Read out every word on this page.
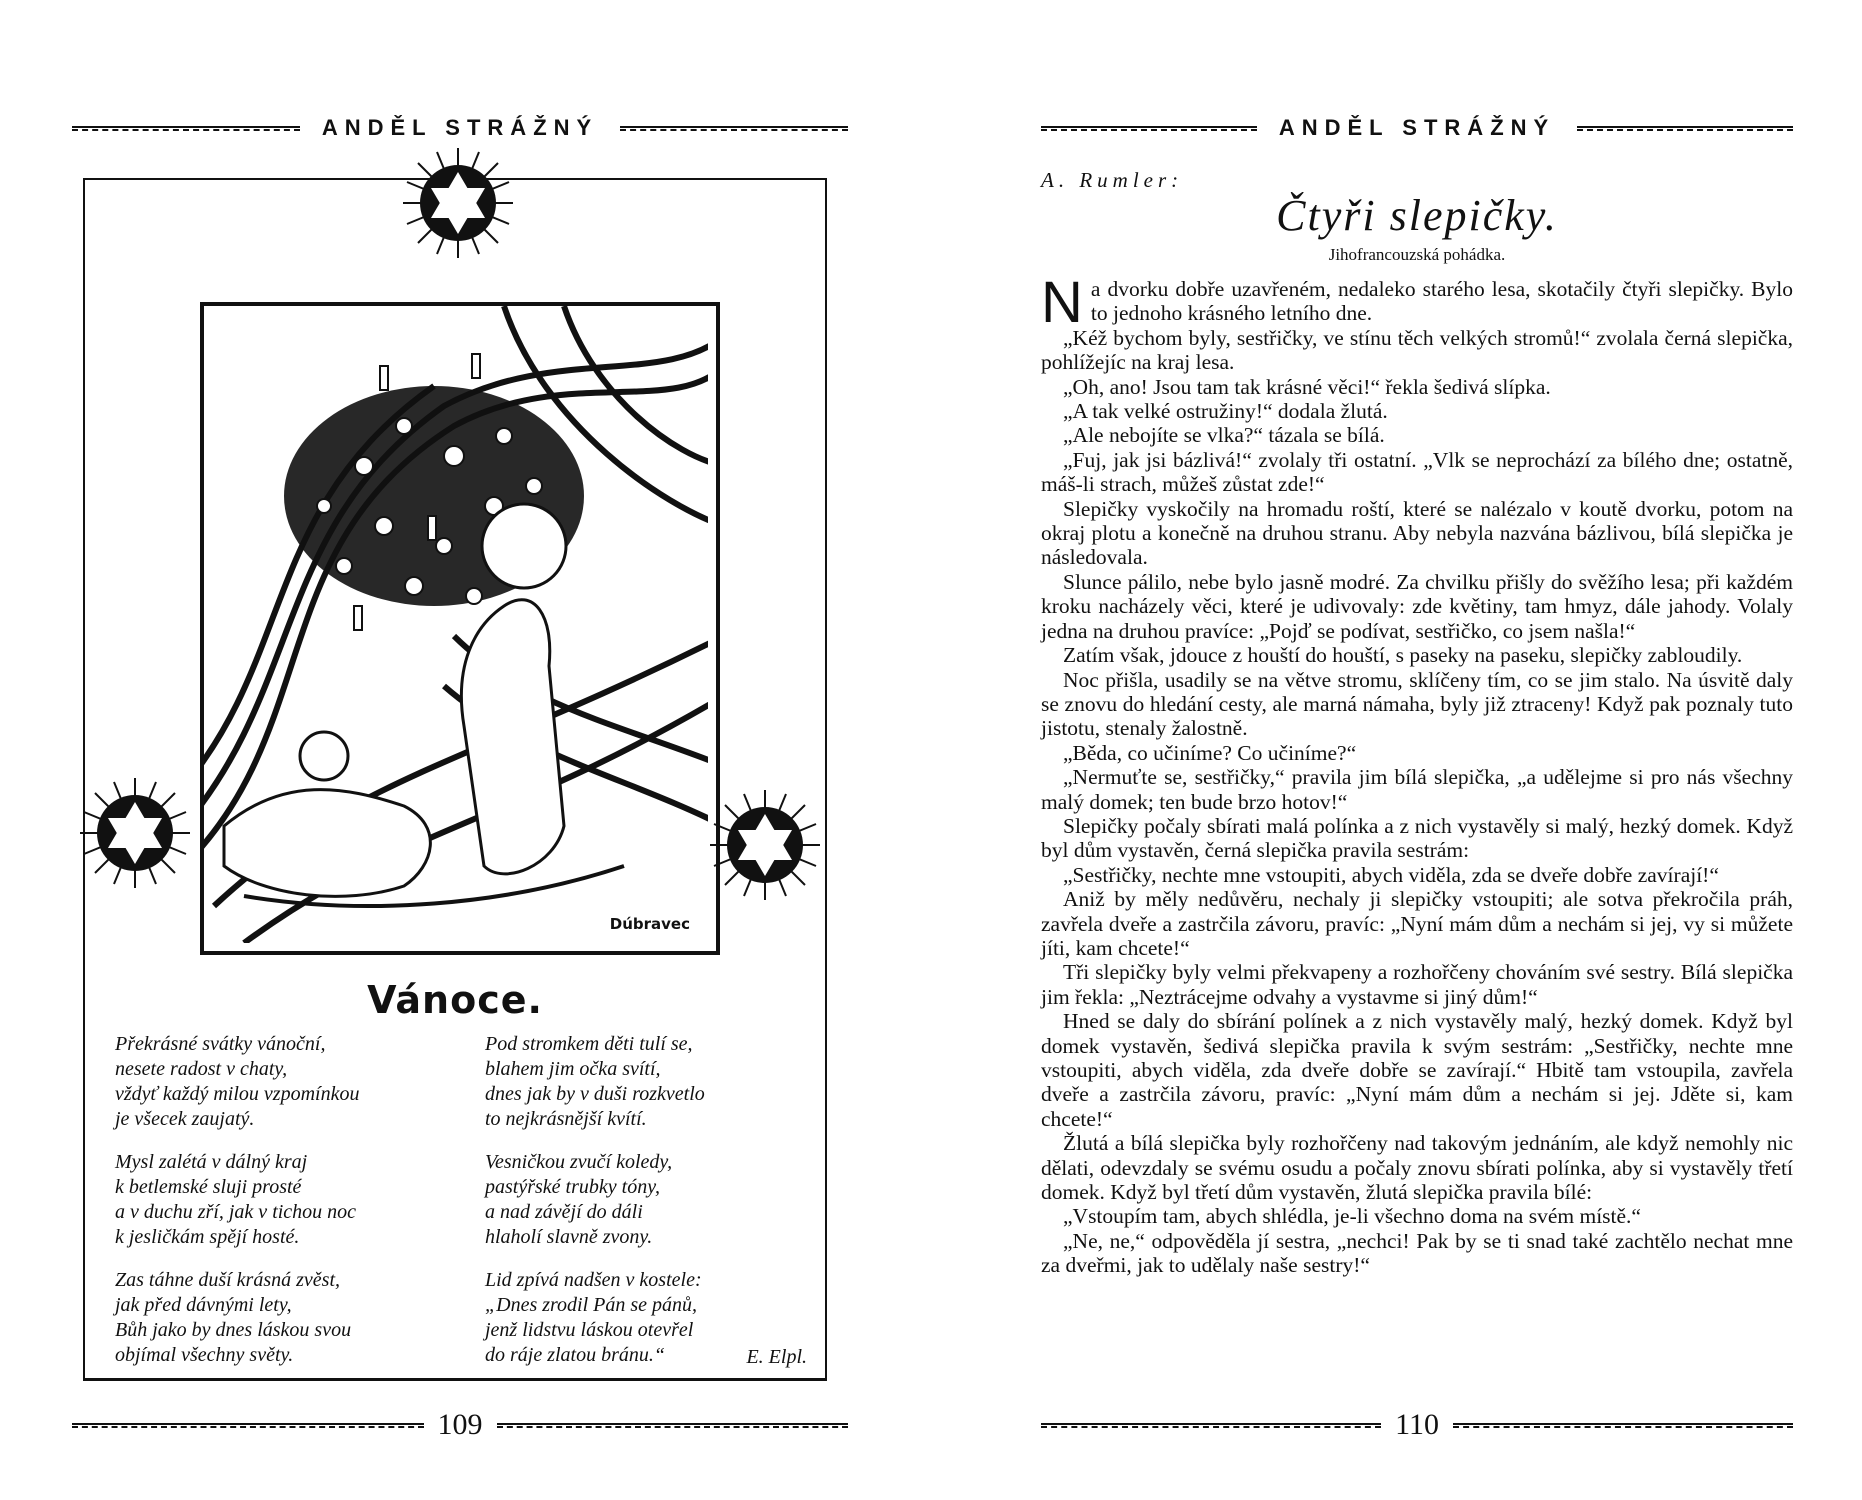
ANDĚL STRÁŽNÝ
Vánoce.
Překrásné svátky vánoční,
nesete radost v chaty,
vždyť každý milou vzpomínkou
je všecek zaujatý.
Mysl zalétá v dálný kraj
k betlemské sluji prosté
a v duchu zří, jak v tichou noc
k jesličkám spějí hosté.
Zas táhne duší krásná zvěst,
jak před dávnými lety,
Bůh jako by dnes láskou svou
objímal všechny světy.
Pod stromkem děti tulí se,
blahem jim očka svítí,
dnes jak by v duši rozkvetlo
to nejkrásnější kvítí.
Vesničkou zvučí koledy,
pastýřské trubky tóny,
a nad závějí do dáli
hlaholí slavně zvony.
Lid zpívá nadšen v kostele:
„Dnes zrodil Pán se pánů,
jenž lidstvu láskou otevřel
do ráje zlatou bránu.“	E. Elpl.
Dúbravec
109
ANDĚL STRÁŽNÝ
A. Rumler:
Čtyři slepičky.
Jihofrancouzská pohádka.

Na dvorku dobře uzavřeném, nedaleko starého lesa, skotačily čtyři slepičky. Bylo to jednoho krásného letního dne.

„Kéž bychom byly, sestřičky, ve stínu těch velkých stromů!“ zvolala černá slepička, pohlížejíc na kraj lesa.

„Oh, ano! Jsou tam tak krásné věci!“ řekla šedivá slípka.

„A tak velké ostružiny!“ dodala žlutá.

„Ale nebojíte se vlka?“ tázala se bílá.

„Fuj, jak jsi bázlivá!“ zvolaly tři ostatní. „Vlk se neprochází za bílého dne; ostatně, máš-li strach, můžeš zůstat zde!“

Slepičky vyskočily na hromadu roští, které se nalézalo v koutě dvorku, potom na okraj plotu a konečně na druhou stranu. Aby nebyla nazvána bázlivou, bílá slepička je následovala.

Slunce pálilo, nebe bylo jasně modré. Za chvilku přišly do svěžího lesa; při každém kroku nacházely věci, které je udivovaly: zde květiny, tam hmyz, dále jahody. Volaly jedna na druhou pravíce: „Pojď se podívat, sestřičko, co jsem našla!“

Zatím však, jdouce z houští do houští, s paseky na paseku, slepičky zabloudily.

Noc přišla, usadily se na větve stromu, sklíčeny tím, co se jim stalo. Na úsvitě daly se znovu do hledání cesty, ale marná námaha, byly již ztraceny! Když pak poznaly tuto jistotu, stenaly žalostně.

„Běda, co učiníme? Co učiníme?“

„Nermuťte se, sestřičky,“ pravila jim bílá slepička, „a udělejme si pro nás všechny malý domek; ten bude brzo hotov!“

Slepičky počaly sbírati malá polínka a z nich vystavěly si malý, hezký domek. Když byl dům vystavěn, černá slepička pravila sestrám:

„Sestřičky, nechte mne vstoupiti, abych viděla, zda se dveře dobře zavírají!“

Aniž by měly nedůvěru, nechaly ji slepičky vstoupiti; ale sotva překročila práh, zavřela dveře a zastrčila závoru, pravíc: „Nyní mám dům a nechám si jej, vy si můžete jíti, kam chcete!“

Tři slepičky byly velmi překvapeny a rozhořčeny chováním své sestry. Bílá slepička jim řekla: „Neztrácejme odvahy a vystavme si jiný dům!“

Hned se daly do sbírání polínek a z nich vystavěly malý, hezký domek. Když byl domek vystavěn, šedivá slepička pravila k svým sestrám: „Sestřičky, nechte mne vstoupiti, abych viděla, zda dveře dobře se zavírají.“ Hbitě tam vstoupila, zavřela dveře a zastrčila závoru, pravíc: „Nyní mám dům a nechám si jej. Jděte si, kam chcete!“

Žlutá a bílá slepička byly rozhořčeny nad takovým jednáním, ale když nemohly nic dělati, odevzdaly se svému osudu a počaly znovu sbírati polínka, aby si vystavěly třetí domek. Když byl třetí dům vystavěn, žlutá slepička pravila bílé:

„Vstoupím tam, abych shlédla, je-li všechno doma na svém místě.“

„Ne, ne,“ odpověděla jí sestra, „nechci! Pak by se ti snad také zachtělo nechat mne za dveřmi, jak to udělaly naše sestry!“

110
